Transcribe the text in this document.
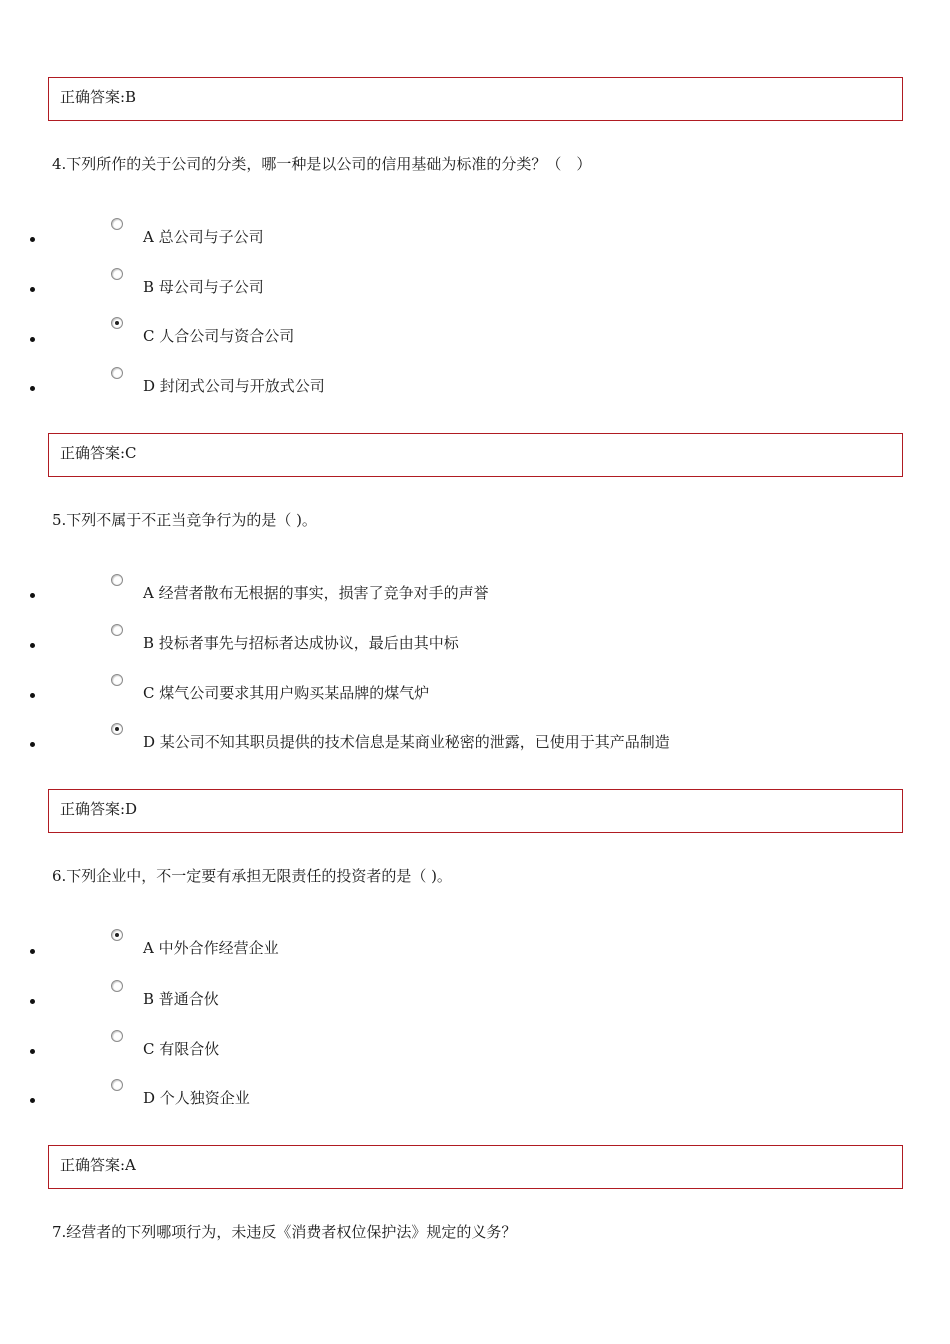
正确答案:B
4.下列所作的关于公司的分类，哪一种是以公司的信用基础为标准的分类？（　）
A 总公司与子公司
B 母公司与子公司
C 人合公司与资合公司
D 封闭式公司与开放式公司
正确答案:C
5.下列不属于不正当竞争行为的是（ )。
A 经营者散布无根据的事实，损害了竞争对手的声誉
B 投标者事先与招标者达成协议，最后由其中标
C 煤气公司要求其用户购买某品牌的煤气炉
D 某公司不知其职员提供的技术信息是某商业秘密的泄露，已使用于其产品制造
正确答案:D
6.下列企业中，不一定要有承担无限责任的投资者的是（ )。
A 中外合作经营企业
B 普通合伙
C 有限合伙
D 个人独资企业
正确答案:A
7.经营者的下列哪项行为，未违反《消费者权位保护法》规定的义务？
